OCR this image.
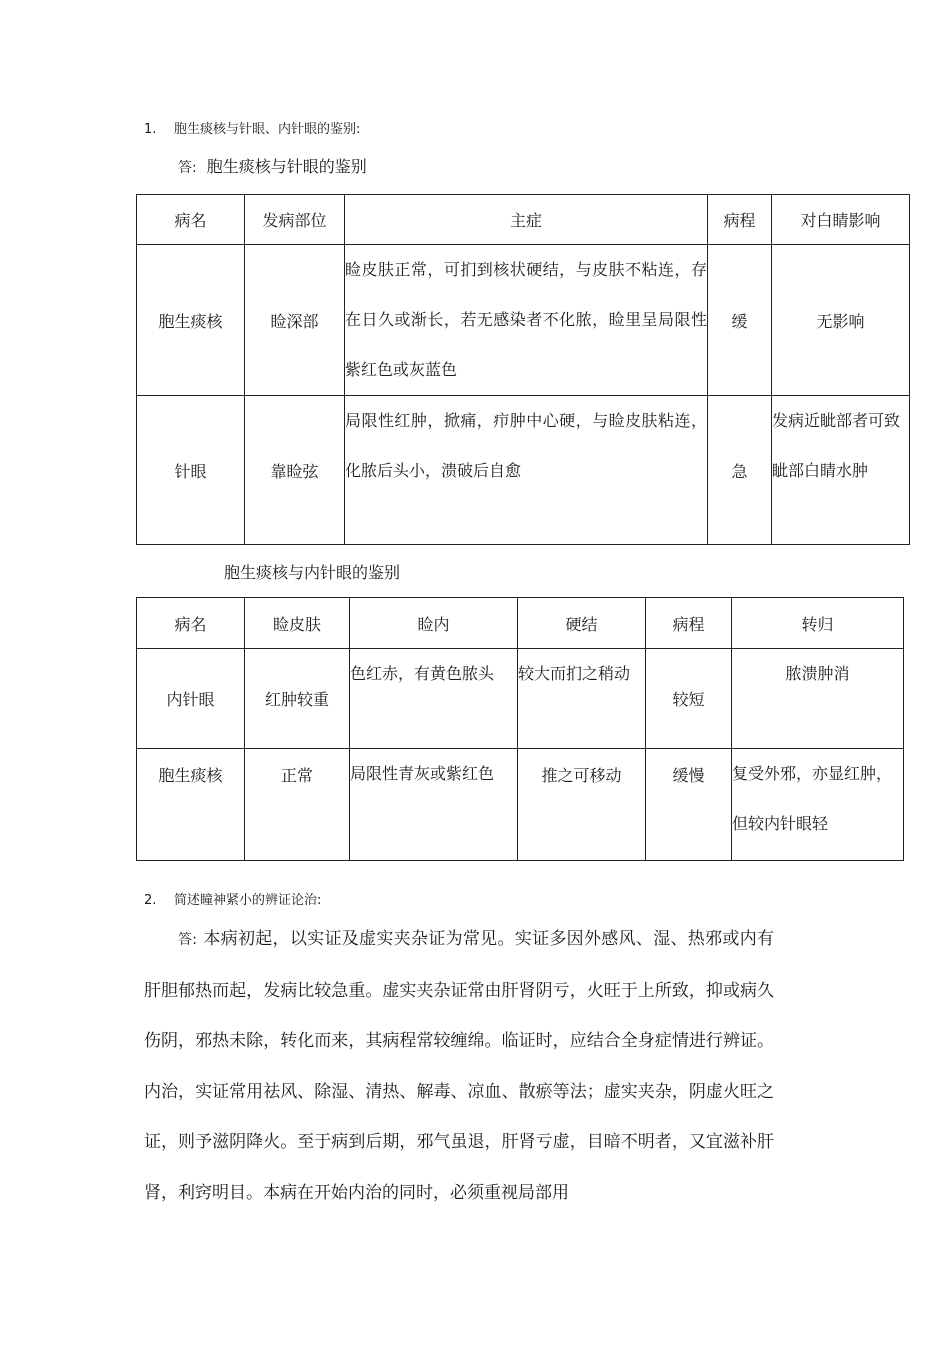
1.	胞生痰核与针眼、内针眼的鉴别:
答: 胞生痰核与针眼的鉴别
病名	发病部位	主症	病程	对白睛影响
胞生痰核	睑深部	睑皮肤正常，可扪到核状硬结，与皮肤不粘连，存在日久或渐长，若无感染者不化脓，睑里呈局限性紫红色或灰蓝色	缓	无影响
针眼	靠睑弦	局限性红肿，掀痛，疖肿中心硬，与睑皮肤粘连，化脓后头小，溃破后自愈	急	发病近眦部者可致眦部白睛水肿
胞生痰核与内针眼的鉴别
病名	睑皮肤	睑内	硬结	病程	转归
内针眼	红肿较重	色红赤，有黄色脓头	较大而扪之稍动	较短	脓溃肿消
胞生痰核	正常	局限性青灰或紫红色	推之可移动	缓慢	复受外邪，亦显红肿，但较内针眼轻
2.	简述瞳神紧小的辨证论治:

答: 本病初起，以实证及虚实夹杂证为常见。实证多因外感风、湿、热邪或内有肝胆郁热而起，发病比较急重。虚实夹杂证常由肝肾阴亏，火旺于上所致，抑或病久伤阴，邪热未除，转化而来，其病程常较缠绵。临证时，应结合全身症情进行辨证。内治，实证常用祛风、除湿、清热、解毒、凉血、散瘀等法；虚实夹杂，阴虚火旺之证，则予滋阴降火。至于病到后期，邪气虽退，肝肾亏虚，目暗不明者，又宜滋补肝肾，利窍明目。本病在开始内治的同时，必须重视局部用
